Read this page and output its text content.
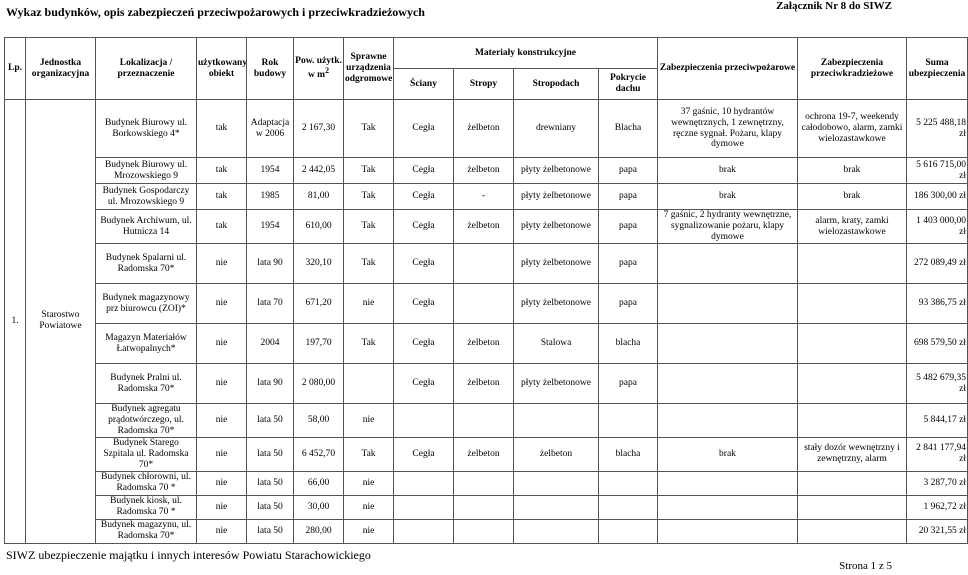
Wykaz budynków, opis zabezpieczeń przeciwpożarowych i przeciwkradzieżowych	Załącznik Nr 8 do SIWZ
Lp.	Jednostka organizacyjna	Lokalizacja / przeznaczenie	użytkowany obiekt	Rok budowy	Pow. użytk. w $m^2$	Sprawne urządzenia odgromowe	Materiały konstrukcyjne				Zabezpieczenia przeciwpożarowe	Zabezpieczenia przeciwkradzieżowe	Suma ubezpieczenia
							Ściany	Stropy	Stropodach	Pokrycie dachu			
1.	Starostwo Powiatowe	Budynek Biurowy ul. Borkowskiego 4*	tak	Adaptacja w 2006	2 167,30	Tak	Cegła	żelbeton	drewniany	Blacha	37 gaśnic, 10 hydrantów wewnętrznych, 1 zewnętrzny, ręczne sygnał. Pożaru, klapy dymowe	ochrona 19-7, weekendy całodobowo, alarm, zamki wielozastawkowe	5 225 488,18 zł
		Budynek Biurowy ul. Mrozowskiego 9	tak	1954	2 442,05	Tak	Cegła	żelbeton	płyty żelbetonowe	papa	brak	brak	5 616 715,00 zł
		Budynek Gospodarczy ul. Mrozowskiego 9	tak	1985	81,00	Tak	Cegła	-	płyty żelbetonowe	papa	brak	brak	186 300,00 zł
		Budynek Archiwum, ul. Hutnicza 14	tak	1954	610,00	Tak	Cegła	żelbeton	płyty żelbetonowe	papa	7 gaśnic, 2 hydranty wewnętrzne, sygnalizowanie pożaru, klapy dymowe	alarm, kraty, zamki wielozastawkowe	1 403 000,00 zł
		Budynek Spalarni ul. Radomska 70*	nie	lata 90	320,10	Tak	Cegła		płyty żelbetonowe	papa			272 089,49 zł
		Budynek magazynowy prz biurowcu (ZOI)*	nie	lata 70	671,20	nie	Cegła		płyty żelbetonowe	papa			93 386,75 zł
		Magazyn Materiałów Łatwopalnych*	nie	2004	197,70	Tak	Cegła	żelbeton	Stalowa	blacha			698 579,50 zł
		Budynek Pralni ul. Radomska 70*	nie	lata 90	2 080,00		Cegła	żelbeton	płyty żelbetonowe	papa			5 482 679,35 zł
		Budynek agregatu prądotwórczego, ul. Radomska 70*	nie	lata 50	58,00	nie							5 844,17 zł
		Budynek Starego Szpitala ul. Radomska 70*	nie	lata 50	6 452,70	Tak	Cegła	żelbeton	żelbeton	blacha	brak	stały dozór wewnętrzny i zewnętrzny, alarm	2 841 177,94 zł
		Budynek chłorowni, ul. Radomska 70 *	nie	lata 50	66,00	nie							3 287,70 zł
		Budynek kiosk, ul. Radomska 70 *	nie	lata 50	30,00	nie							1 962,72 zł
		Budynek magazynu, ul. Radomska 70*	nie	lata 50	280,00	nie							20 321,55 zł
SIWZ ubezpieczenie majątku i innych interesów Powiatu Starachowickiego
Strona 1 z 5
